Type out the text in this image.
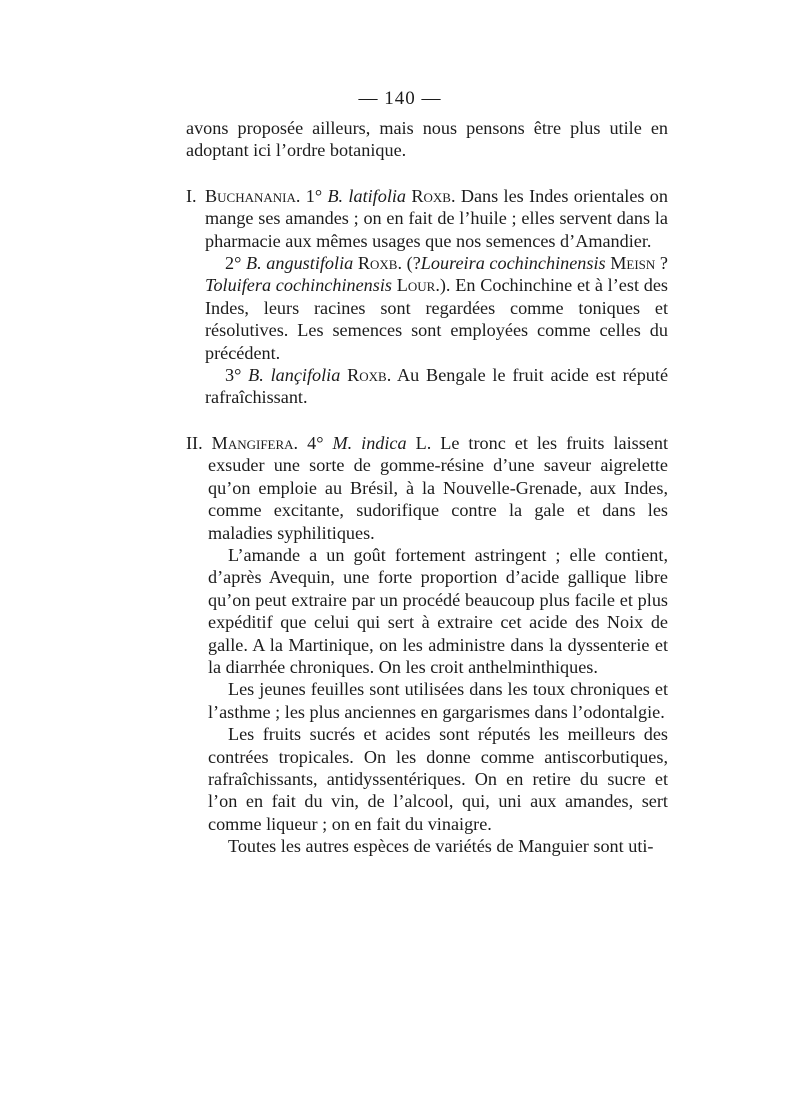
— 140 —

avons proposée ailleurs, mais nous pensons être plus utile en adoptant ici l’ordre botanique.

I. Buchanania. 1° B. latifolia Roxb. Dans les Indes orientales on mange ses amandes ; on en fait de l’huile ; elles servent dans la pharmacie aux mêmes usages que nos semences d’Amandier.

2° B. angustifolia Roxb. (?Loureira cochinchinensis Meisn ? Toluifera cochinchinensis Lour.). En Cochinchine et à l’est des Indes, leurs racines sont regardées comme toniques et résolutives. Les semences sont employées comme celles du précédent.

3° B. lanҫifolia Roxb. Au Bengale le fruit acide est réputé rafraîchissant.

II. Mangifera. 4° M. indica L. Le tronc et les fruits laissent exsuder une sorte de gomme-résine d’une saveur aigrelette qu’on emploie au Brésil, à la Nouvelle-Grenade, aux Indes, comme excitante, sudorifique contre la gale et dans les maladies syphilitiques.

L’amande a un goût fortement astringent ; elle contient, d’après Avequin, une forte proportion d’acide gallique libre qu’on peut extraire par un procédé beaucoup plus facile et plus expéditif que celui qui sert à extraire cet acide des Noix de galle. A la Martinique, on les administre dans la dyssenterie et la diarrhée chroniques. On les croit anthelminthiques.

Les jeunes feuilles sont utilisées dans les toux chroniques et l’asthme ; les plus anciennes en gargarismes dans l’odontalgie.

Les fruits sucrés et acides sont réputés les meilleurs des contrées tropicales. On les donne comme antiscorbutiques, rafraîchissants, antidyssentériques. On en retire du sucre et l’on en fait du vin, de l’alcool, qui, uni aux amandes, sert comme liqueur ; on en fait du vinaigre.

Toutes les autres espèces de variétés de Manguier sont uti-
